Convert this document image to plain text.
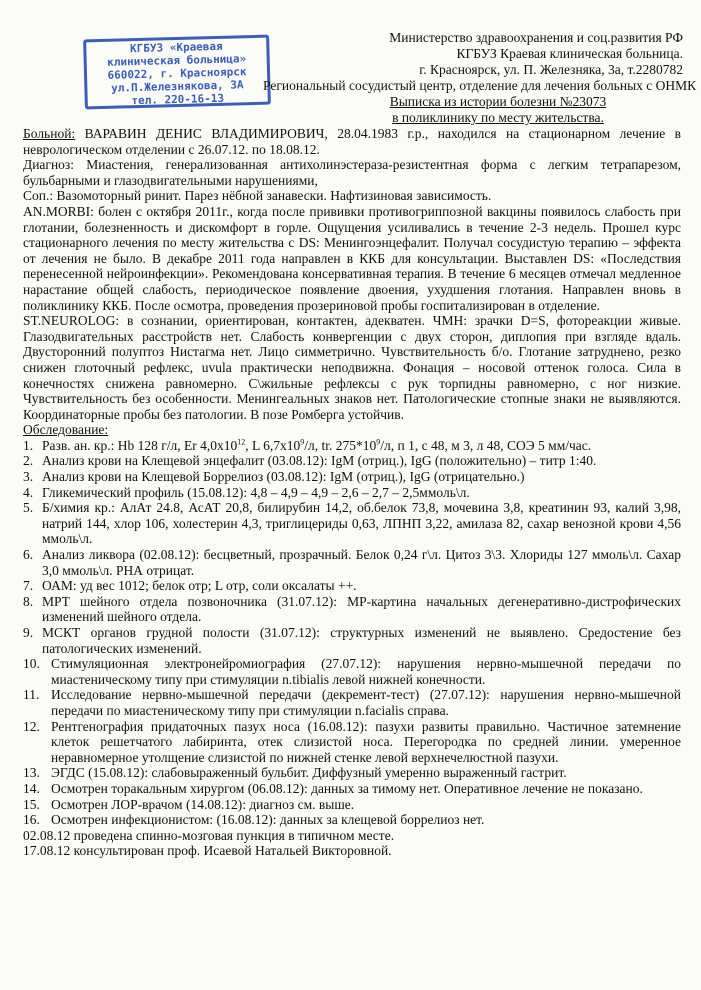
КГБУЗ «Краевая
клиническая больница»
660022, г. Красноярск
ул.П.Железнякова, 3А
тел. 220-16-13
Министерство здравоохранения и соц.развития РФ
КГБУЗ Краевая клиническая больница.
г. Красноярск, ул. П. Железняка, 3а, т.2280782
Региональный сосудистый центр, отделение для лечения больных с ОНМК
Выписка из истории болезни №23073
в поликлинику по месту жительства.

Больной: ВАРАВИН ДЕНИС ВЛАДИМИРОВИЧ, 28.04.1983 г.р., находился на стационарном лечение в неврологическом отделении с 26.07.12. по 18.08.12.

Диагноз: Миастения, генерализованная антихолинэстераза-резистентная форма с легким тетрапарезом, бульбарными и глазодвигательными нарушениями,

Соп.: Вазомоторный ринит. Парез нёбной занавески. Нафтизиновая зависимость.

AN.MORBI: болен с октября 2011г., когда после прививки противогриппозной вакцины появилось слабость при глотании, болезненность и дискомфорт в горле. Ощущения усиливались в течение 2-3 недель. Прошел курс стационарного лечения по месту жительства с DS: Менингоэнцефалит. Получал сосудистую терапию – эффекта от лечения не было. В декабре 2011 года направлен в ККБ для консультации. Выставлен DS: «Последствия перенесенной нейроинфекции». Рекомендована консервативная терапия. В течение 6 месяцев отмечал медленное нарастание общей слабость, периодическое появление двоения, ухудшения глотания. Направлен вновь в поликлинику ККБ. После осмотра, проведения прозериновой пробы госпитализирован в отделение.

ST.NEUROLOG: в сознании, ориентирован, контактен, адекватен. ЧМН: зрачки D=S, фотореакции живые. Глазодвигательных расстройств нет. Слабость конвергенции с двух сторон, диплопия при взгляде вдаль. Двусторонний полуптоз Нистагма нет. Лицо симметрично. Чувствительность б/о. Глотание затруднено, резко снижен глоточный рефлекс, uvula практически неподвижна. Фонация – носовой оттенок голоса. Сила в конечностях снижена равномерно. С\жильные рефлексы с рук торпидны равномерно, с ног низкие. Чувствительность без особенности. Менингеальных знаков нет. Патологические стопные знаки не выявляются. Координаторные пробы без патологии. В позе Ромберга устойчив.

Обследование:

1. Разв. ан. кр.: Hb 128 г/л, Er $4,0x10^{12}$, L $6,7x10^9/л$, tr. $275*10^9/л$, п 1, с 48, м 3, л 48, СОЭ 5 мм/час.

2. Анализ крови на Клещевой энцефалит (03.08.12): IgM (отриц.), IgG (положительно) – титр 1:40.

3. Анализ крови на Клещевой Боррелиоз (03.08.12): IgM (отриц.), IgG (отрицательно.)

4. Гликемический профиль (15.08.12): 4,8 – 4,9 – 4,9 – 2,6 – 2,7 – 2,5ммоль\л.

5. Б/химия кр.: АлАт 24.8, АсАТ 20,8, билирубин 14,2, об.белок 73,8, мочевина 3,8, креатинин 93, калий 3,98, натрий 144, хлор 106, холестерин 4,3, триглицериды 0,63, ЛПНП 3,22, амилаза 82, сахар венозной крови 4,56 ммоль\л.

6. Анализ ликвора (02.08.12): бесцветный, прозрачный. Белок 0,24 г\л. Цитоз 3\3. Хлориды 127 ммоль\л. Сахар 3,0 ммоль\л. РНА отрицат.

7. ОАМ: уд вес 1012; белок отр; L отр, соли оксалаты ++.

8. МРТ шейного отдела позвоночника (31.07.12): МР-картина начальных дегенеративно-дистрофических изменений шейного отдела.

9. МСКТ органов грудной полости (31.07.12): структурных изменений не выявлено. Средостение без патологических изменений.

10. Стимуляционная электронейромиография (27.07.12): нарушения нервно-мышечной передачи по миастеническому типу при стимуляции n.tibialis левой нижней конечности.

11. Исследование нервно-мышечной передачи (декремент-тест) (27.07.12): нарушения нервно-мышечной передачи по миастеническому типу при стимуляции n.facialis справа.

12. Рентгенография придаточных пазух носа (16.08.12): пазухи развиты правильно. Частичное затемнение клеток решетчатого лабиринта, отек слизистой носа. Перегородка по средней линии. умеренное неравномерное утолщение слизистой по нижней стенке левой верхнечелюстной пазухи.

13. ЭГДС (15.08.12): слабовыраженный бульбит. Диффузный умеренно выраженный гастрит.

14. Осмотрен торакальным хирургом (06.08.12): данных за тимому нет. Оперативное лечение не показано.

15. Осмотрен ЛОР-врачом (14.08.12): диагноз см. выше.

16. Осмотрен инфекционистом: (16.08.12): данных за клещевой боррелиоз нет.

02.08.12 проведена спинно-мозговая пункция в типичном месте.

17.08.12 консультирован проф. Исаевой Натальей Викторовной.
